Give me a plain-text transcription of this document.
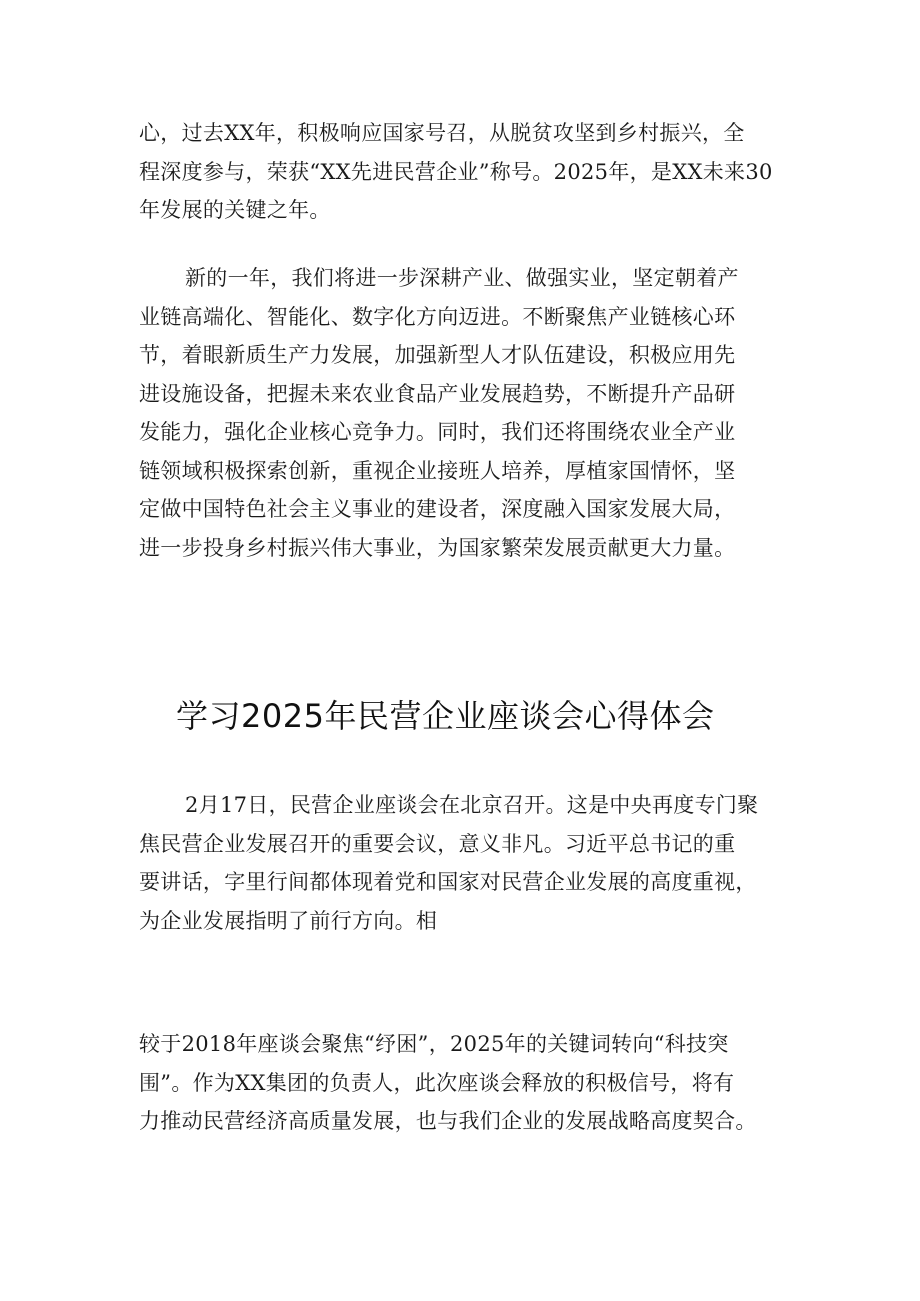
心，过去XX年，积极响应国家号召，从脱贫攻坚到乡村振兴，全
程深度参与，荣获“XX先进民营企业”称号。2025年，是XX未来30
年发展的关键之年。
新的一年，我们将进一步深耕产业、做强实业，坚定朝着产
业链高端化、智能化、数字化方向迈进。不断聚焦产业链核心环
节，着眼新质生产力发展，加强新型人才队伍建设，积极应用先
进设施设备，把握未来农业食品产业发展趋势，不断提升产品研
发能力，强化企业核心竞争力。同时，我们还将围绕农业全产业
链领域积极探索创新，重视企业接班人培养，厚植家国情怀，坚
定做中国特色社会主义事业的建设者，深度融入国家发展大局，
进一步投身乡村振兴伟大事业，为国家繁荣发展贡献更大力量。
学习2025年民营企业座谈会心得体会
2月17日，民营企业座谈会在北京召开。这是中央再度专门聚
焦民营企业发展召开的重要会议，意义非凡。习近平总书记的重
要讲话，字里行间都体现着党和国家对民营企业发展的高度重视，
为企业发展指明了前行方向。相
较于2018年座谈会聚焦“纾困”，2025年的关键词转向“科技突
围”。作为XX集团的负责人，此次座谈会释放的积极信号，将有
力推动民营经济高质量发展，也与我们企业的发展战略高度契合。
